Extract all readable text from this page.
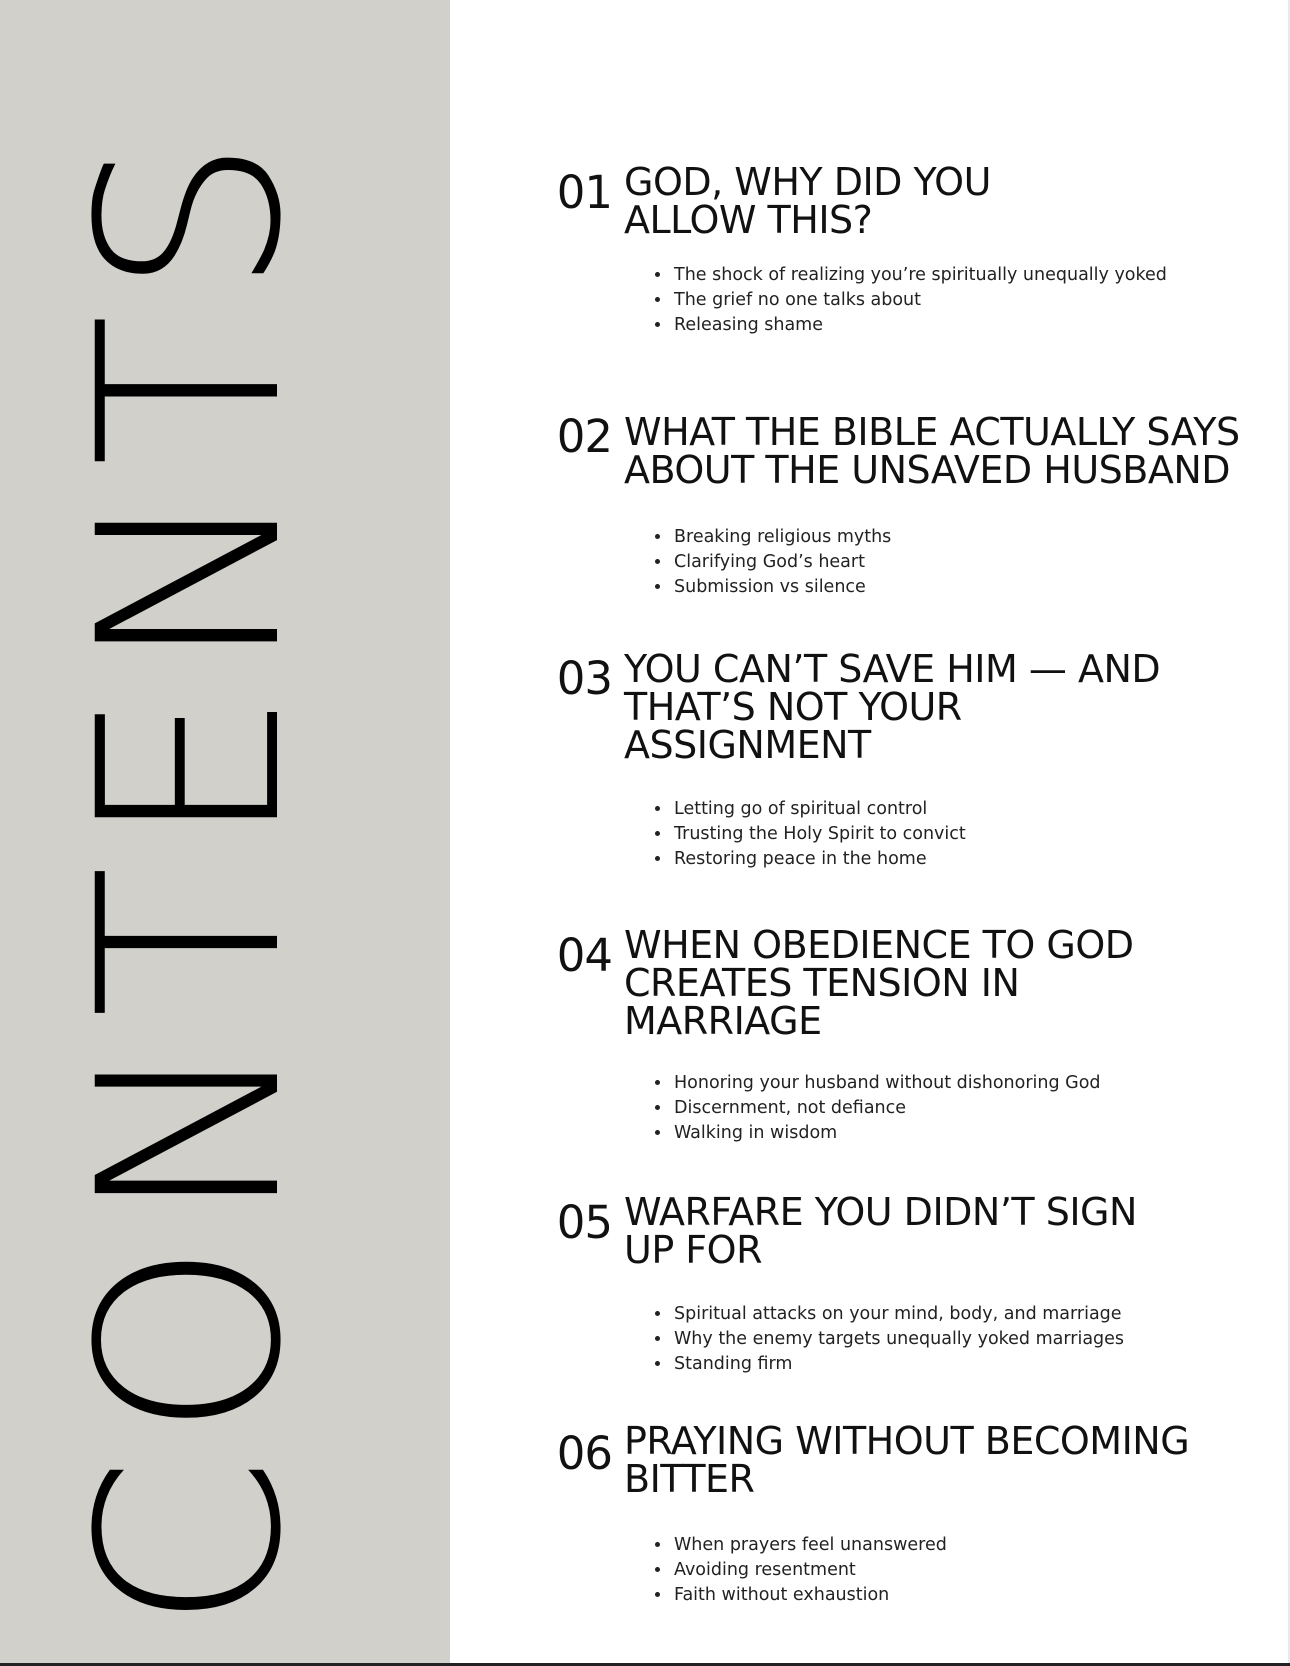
CONTENTS	01 GOD, WHY DID YOU
ALLOW THIS?
• The shock of realizing you’re spiritually unequally yoked
• The grief no one talks about
• Releasing shame
02 WHAT THE BIBLE ACTUALLY SAYS
ABOUT THE UNSAVED HUSBAND
• Breaking religious myths
• Clarifying God’s heart
• Submission vs silence
03 YOU CAN’T SAVE HIM — AND
THAT’S NOT YOUR
ASSIGNMENT
• Letting go of spiritual control
• Trusting the Holy Spirit to convict
• Restoring peace in the home
04 WHEN OBEDIENCE TO GOD
CREATES TENSION IN
MARRIAGE
• Honoring your husband without dishonoring God
• Discernment, not defiance
• Walking in wisdom
05 WARFARE YOU DIDN’T SIGN
UP FOR
• Spiritual attacks on your mind, body, and marriage
• Why the enemy targets unequally yoked marriages
• Standing firm
06 PRAYING WITHOUT BECOMING
BITTER
• When prayers feel unanswered
• Avoiding resentment
• Faith without exhaustion
